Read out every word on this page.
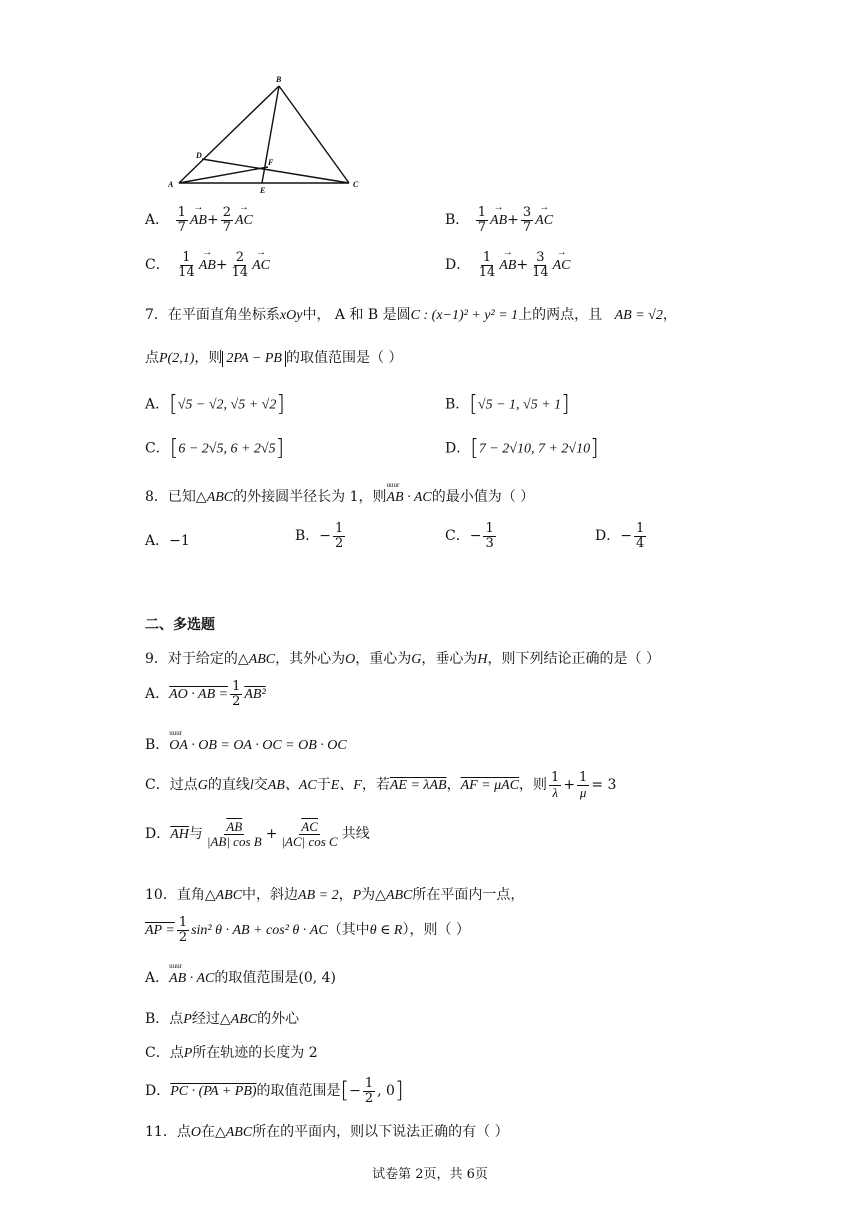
B
D
F
A
E
C
A． $\frac{1}{7} \to AB+ \frac{2}{7}$ → AC	B． $\frac{1}{7} \to AB+ \frac{3}{7}$ → AC
C． $\frac{1}{14} \to AB+ \frac{2}{14}$ → AC	D． $\frac{1}{14} \to AB+ \frac{3}{14}$ → AC
7．在平面直角坐标系xOy中， A 和 B 是圆C : (x−1)² + y² = 1上的两点，且 AB = √2，
点P(2,1)，则 2PA − PB 的取值范围是（ ）
A．[√5 − √2, √5 + √2]	B．[√5 − 1, √5 + 1]
C．[6 − 2√5, 6 + 2√5]	D．[7 − 2√10, 7 + 2√10]
8．已知△ABC的外接圆半径长为 1，则uuur AB · AC的最小值为（ ）
A．−1	B．− $\frac{1}{2}$	C．− $\frac{1}{3}$	D．− $\frac{1}{4}$
二、多选题
9．对于给定的△ABC，其外心为O，重心为G，垂心为H，则下列结论正确的是（ ）
A．AO · AB = $\frac{1}{2} AB^2$
B．uuur OA · OB = OA · OC = OB · OC
C．过点G的直线l交AB、AC于E、F，若AE = λAB，AF = μAC，则 $\frac{1}{\lambda} + \frac{1}{\mu} = 3$
D．$\overline{AH}$与 $\frac{\overline{AB}}{\text{|AB| cos B}} + \frac{\overline{AC}}{\text{|AC| cos C}}$ 共线
10．直角△ABC中，斜边AB = 2，P为△ABC所在平面内一点，
AP = $\frac{1}{2} \sin^2$ θ · AB + cos² θ · AC（其中θ ∈ R），则（ ）
A．uuur AB · AC的取值范围是(0, 4)
B．点P经过△ABC的外心
C．点P所在轨迹的长度为 2
D．PC · (PA + PB)的取值范围是[− $\frac{1}{2}$ , 0]
11．点O在△ABC所在的平面内，则以下说法正确的有（ ）
试卷第 2页，共 6页
